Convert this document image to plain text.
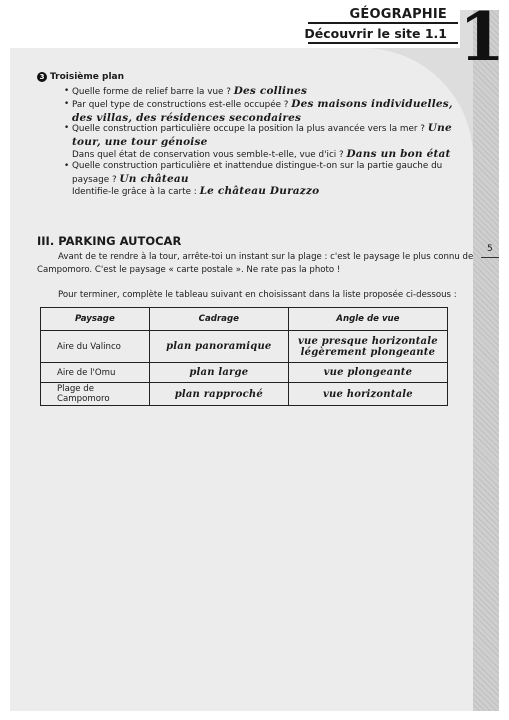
GÉOGRAPHIE
Découvrir le site 1.1 1
5
3 Troisième plan
• Quelle forme de relief barre la vue ? Des collines
• Par quel type de constructions est-elle occupée ? Des maisons individuelles, des villas, des résidences secondaires
• Quelle construction particulière occupe la position la plus avancée vers la mer ? Une tour, une tour génoise
Dans quel état de conservation vous semble-t-elle, vue d'ici ? Dans un bon état
• Quelle construction particulière et inattendue distingue-t-on sur la partie gauche du paysage ? Un château
Identifie-le grâce à la carte : Le château Durazzo
III. PARKING AUTOCAR
Avant de te rendre à la tour, arrête-toi un instant sur la plage : c'est le paysage le plus connu de
Campomoro. C'est le paysage « carte postale ». Ne rate pas la photo !
Pour terminer, complète le tableau suivant en choisissant dans la liste proposée ci-dessous :
Paysage	Cadrage	Angle de vue
Aire du Valinco	plan panoramique	vue presque horizontale
légèrement plongeante
Aire de l'Omu	plan large	vue plongeante
Plage de Campomoro	plan rapproché	vue horizontale
